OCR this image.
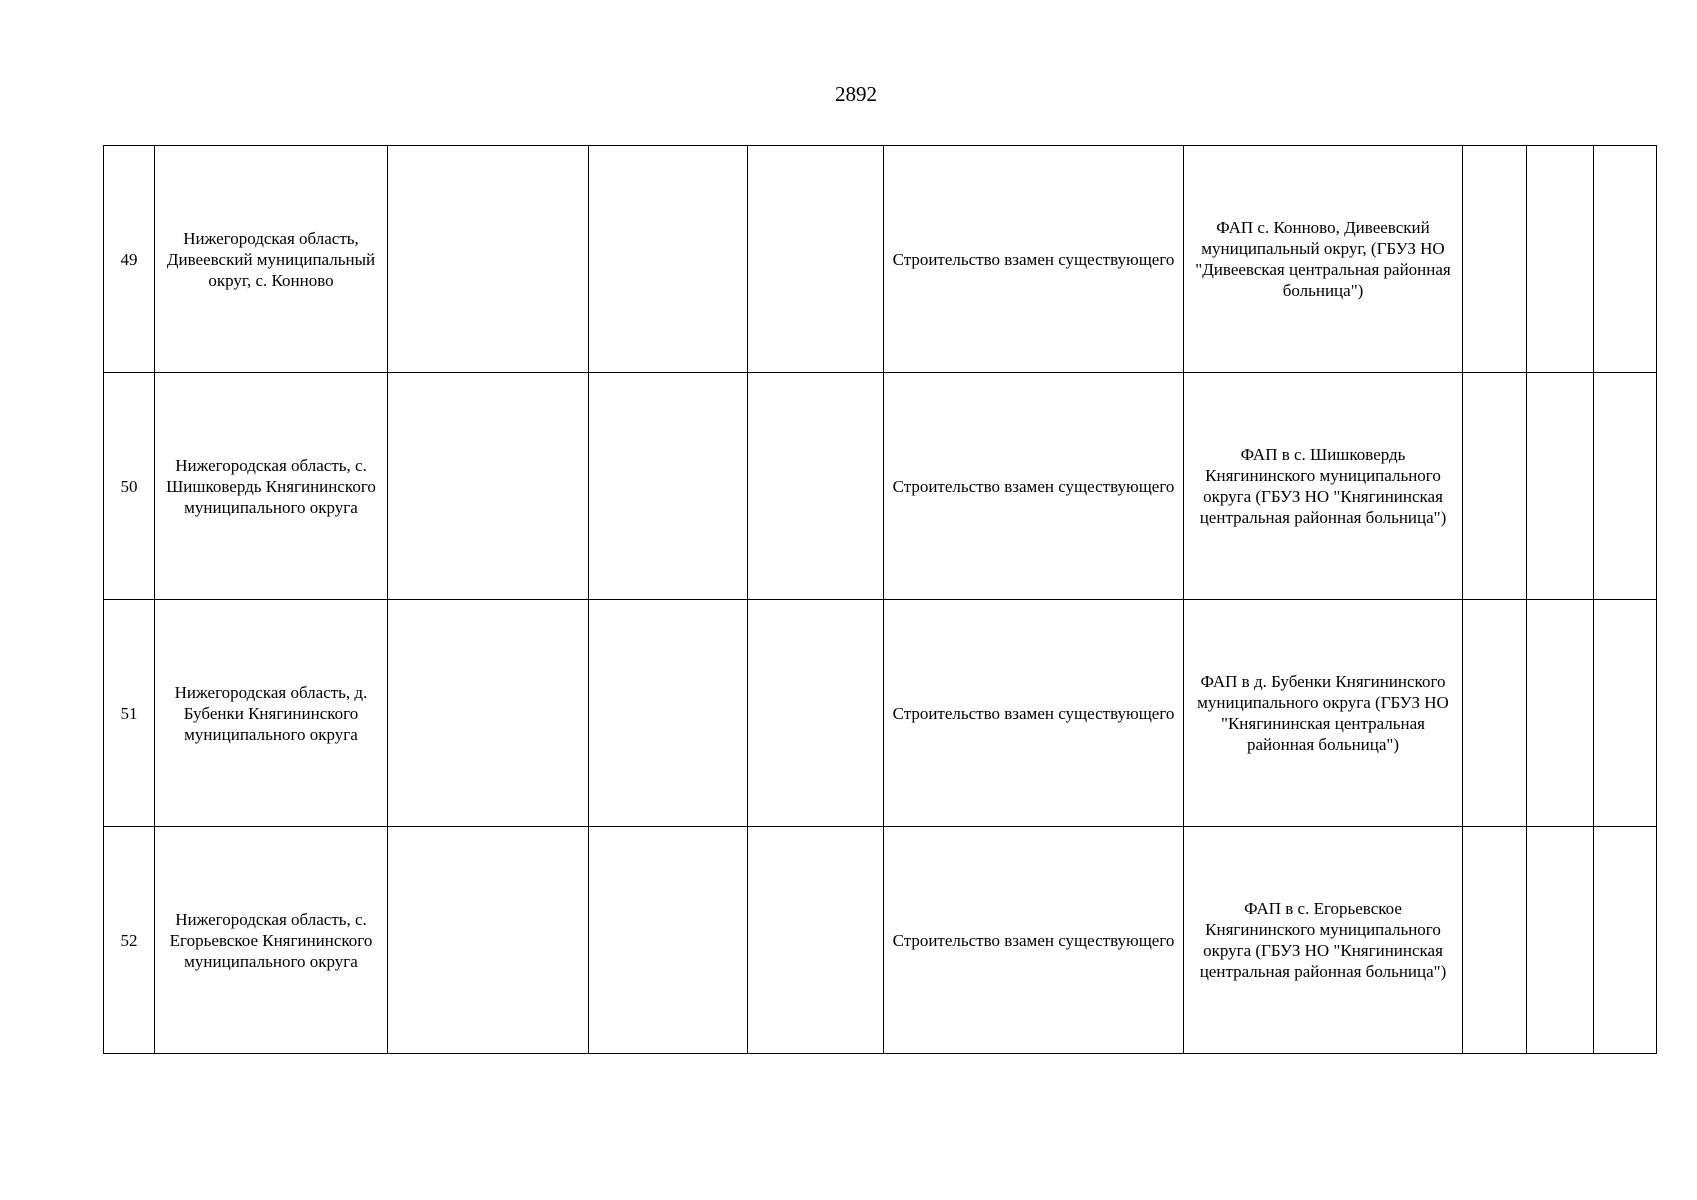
2892
49	Нижегородская область, Дивеевский муниципальный округ, с. Конново				Строительство взамен существующего	ФАП с. Конново, Дивеевский муниципальный округ, (ГБУЗ НО "Дивеевская центральная районная больница")			
50	Нижегородская область, с. Шишковердь Княгининского муниципального округа				Строительство взамен существующего	ФАП в с. Шишковердь Княгининского муниципального округа (ГБУЗ НО "Княгининская центральная районная больница")			
51	Нижегородская область, д. Бубенки Княгининского муниципального округа				Строительство взамен существующего	ФАП в д. Бубенки Княгининского муниципального округа (ГБУЗ НО "Княгининская центральная районная больница")			
52	Нижегородская область, с. Егорьевское Княгининского муниципального округа				Строительство взамен существующего	ФАП в с. Егорьевское Княгининского муниципального округа (ГБУЗ НО "Княгининская центральная районная больница")			
